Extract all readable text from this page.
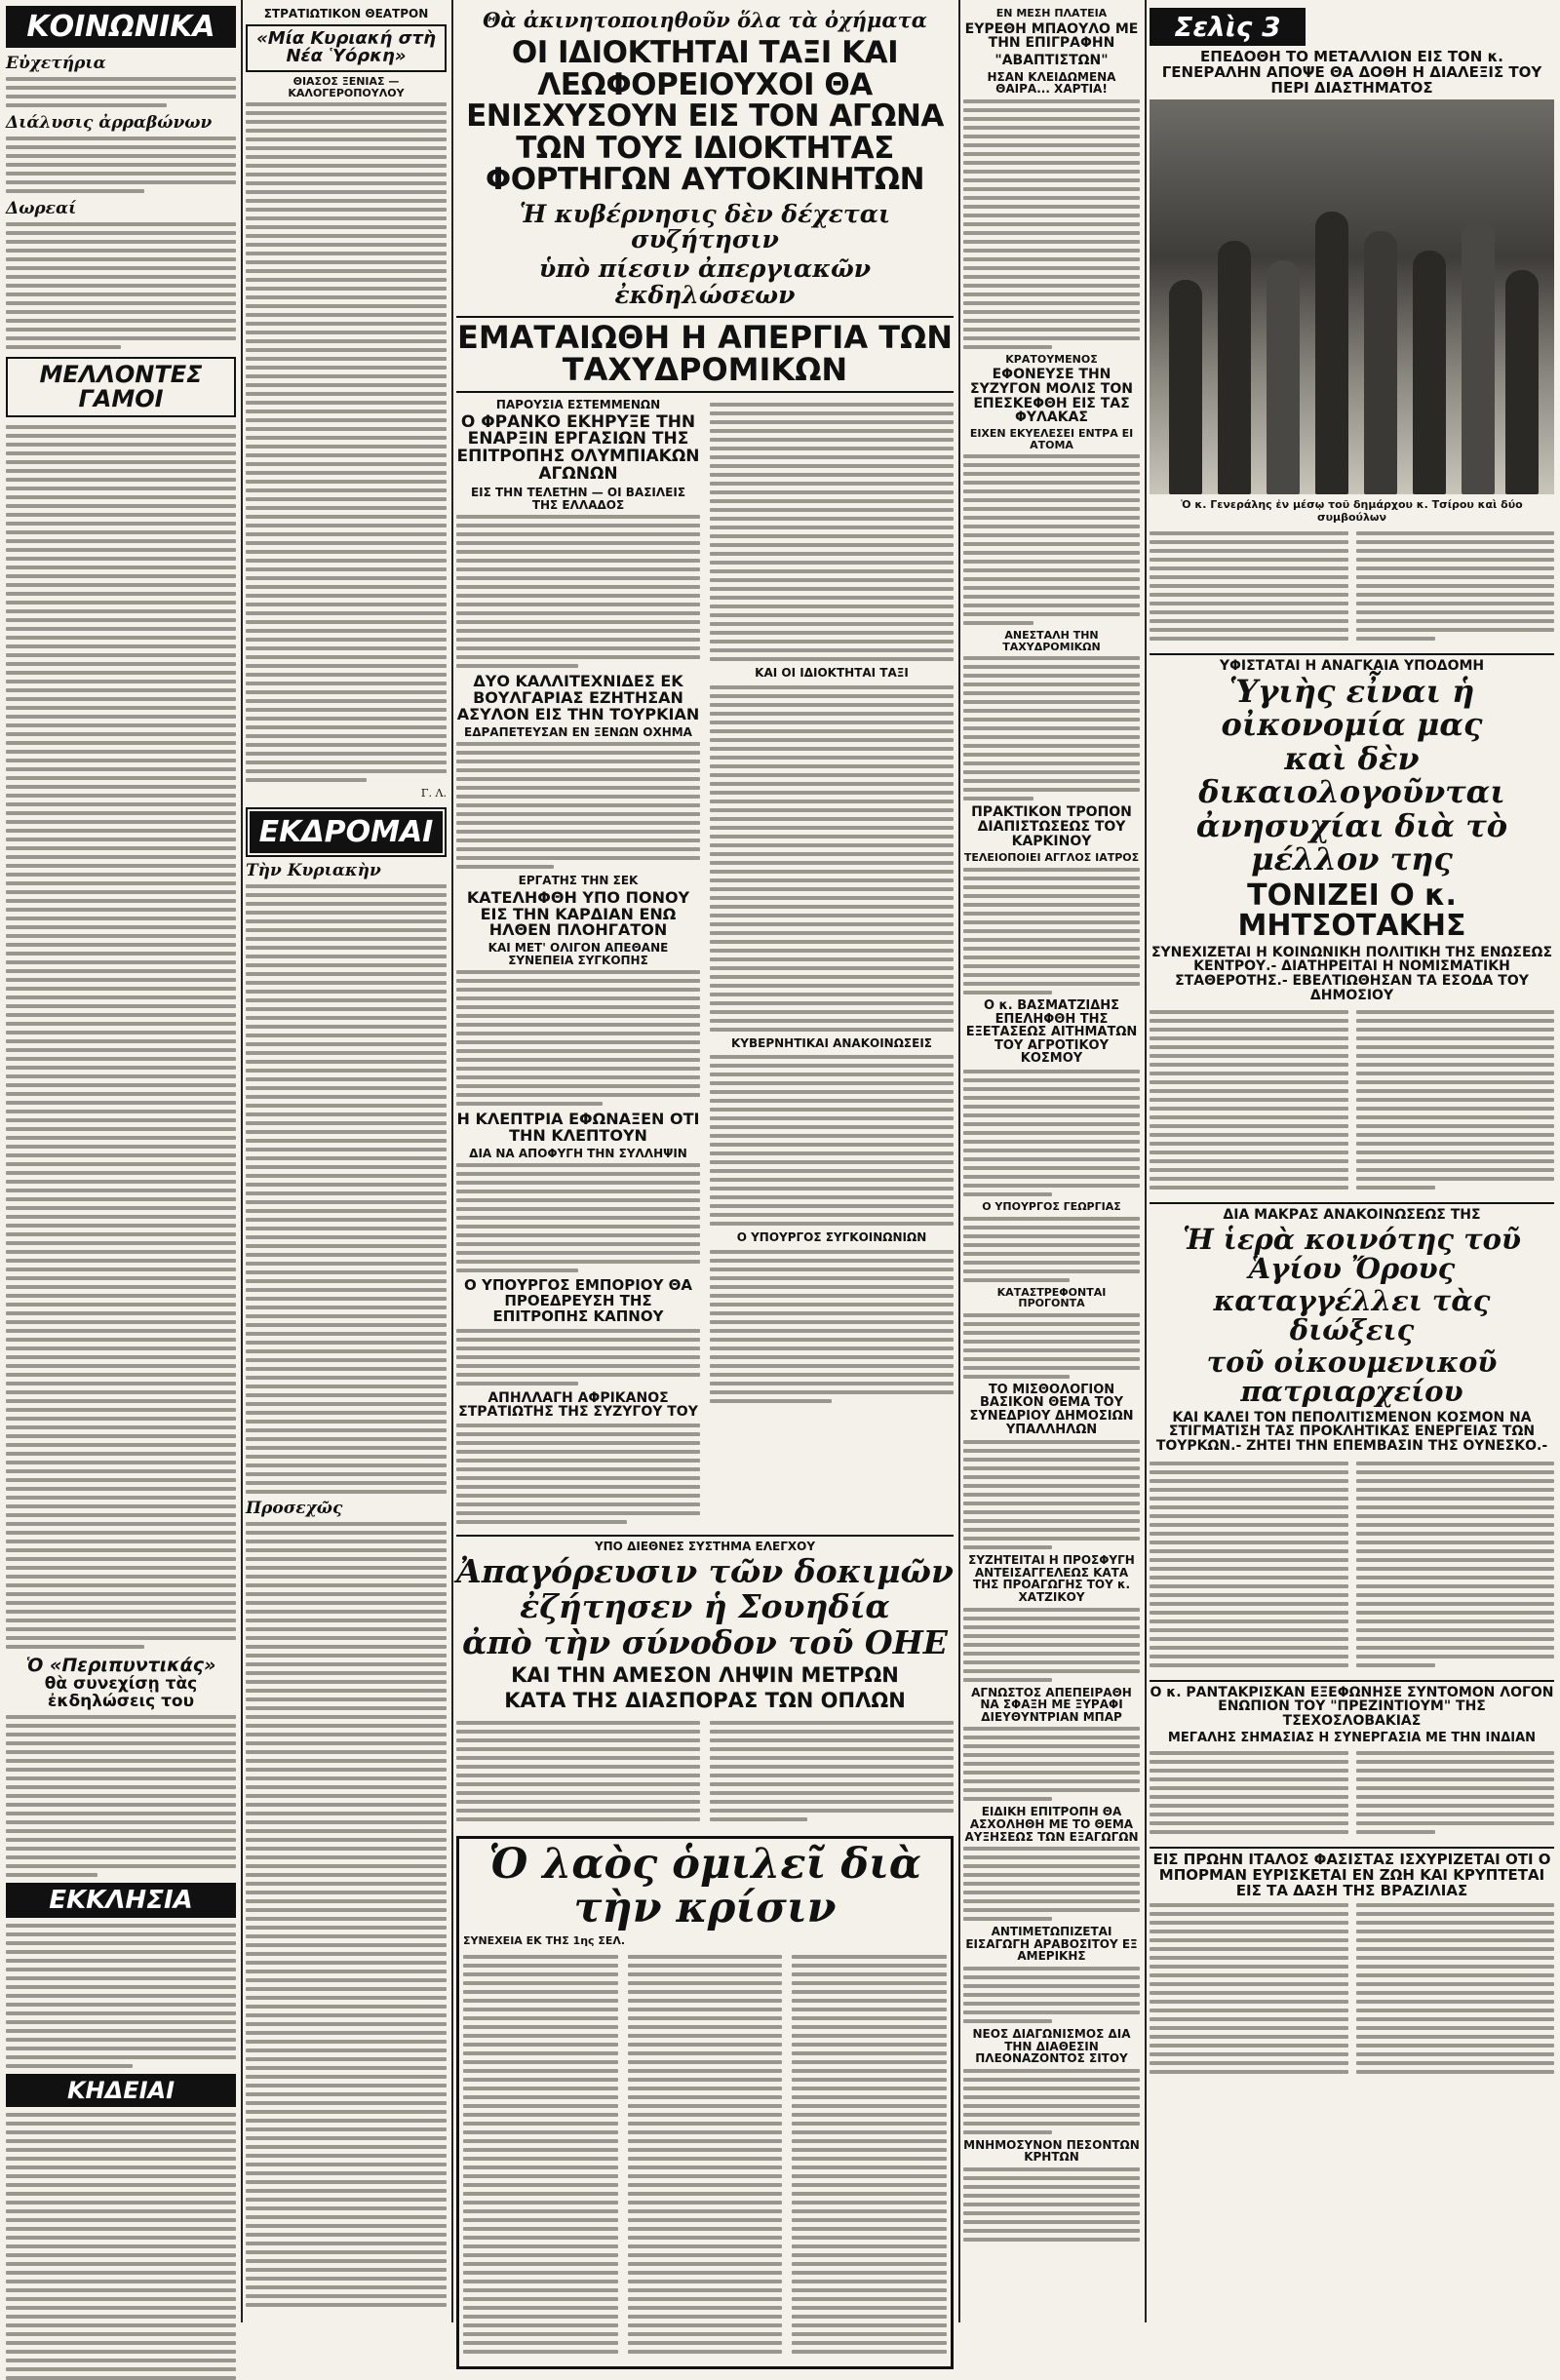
ΚΟΙΝΩΝΙΚΑ
Εὐχετήρια
Διάλυσις ἀρραβώνων
Δωρεαί
ΜΕΛΛΟΝΤΕΣ ΓΑΜΟΙ
Ὁ «Περιπυντικάς»
θὰ συνεχίσῃ τὰς ἐκδηλώσεις του
ΕΚΚΛΗΣΙΑ
ΚΗΔΕΙΑΙ
ΣΤΡΑΤΙΩΤΙΚΟΝ ΘΕΑΤΡΟΝ
«Μία Κυριακή στὴ Νέα Ὑόρκη»
ΘΙΑΣΟΣ ΞΕΝΙΑΣ — ΚΑΛΟΓΕΡΟΠΟΥΛΟΥ
Γ. Λ.
ΕΚΔΡΟΜΑΙ
Τὴν Κυριακὴν
Προσεχῶς
Θὰ ἀκινητοποιηθοῦν ὅλα τὰ ὀχήματα
ΟΙ ΙΔΙΟΚΤΗΤΑΙ ΤΑΞΙ ΚΑΙ ΛΕΩΦΟΡΕΙΟΥΧΟΙ ΘΑ ΕΝΙΣΧΥΣΟΥΝ ΕΙΣ ΤΟΝ ΑΓΩΝΑ ΤΩΝ ΤΟΥΣ ΙΔΙΟΚΤΗΤΑΣ ΦΟΡΤΗΓΩΝ ΑΥΤΟΚΙΝΗΤΩΝ
Ἡ κυβέρνησις δὲν δέχεται συζήτησιν
ὑπὸ πίεσιν ἀπεργιακῶν ἐκδηλώσεων
ΕΜΑΤΑΙΩΘΗ Η ΑΠΕΡΓΙΑ ΤΩΝ ΤΑΧΥΔΡΟΜΙΚΩΝ
ΠΑΡΟΥΣΙΑ ΕΣΤΕΜΜΕΝΩΝ
Ο ΦΡΑΝΚΟ ΕΚΗΡΥΞΕ ΤΗΝ ΕΝΑΡΞΙΝ ΕΡΓΑΣΙΩΝ ΤΗΣ ΕΠΙΤΡΟΠΗΣ ΟΛΥΜΠΙΑΚΩΝ ΑΓΩΝΩΝ
ΕΙΣ ΤΗΝ ΤΕΛΕΤΗΝ — ΟΙ ΒΑΣΙΛΕΙΣ ΤΗΣ ΕΛΛΑΔΟΣ
ΔΥΟ ΚΑΛΛΙΤΕΧΝΙΔΕΣ ΕΚ ΒΟΥΛΓΑΡΙΑΣ ΕΖΗΤΗΣΑΝ ΑΣΥΛΟΝ ΕΙΣ ΤΗΝ ΤΟΥΡΚΙΑΝ
ΕΔΡΑΠΕΤΕΥΣΑΝ ΕΝ ΞΕΝΩΝ ΟΧΗΜΑ
ΕΡΓΑΤΗΣ ΤΗΝ ΣΕΚ
ΚΑΤΕΛΗΦΘΗ ΥΠΟ ΠΟΝΟΥ ΕΙΣ ΤΗΝ ΚΑΡΔΙΑΝ ΕΝΩ ΗΛΘΕΝ ΠΛΟΗΓΑΤΟΝ
ΚΑΙ ΜΕΤ' ΟΛΙΓΟΝ ΑΠΕΘΑΝΕ ΣΥΝΕΠΕΙΑ ΣΥΓΚΟΠΗΣ
Η ΚΛΕΠΤΡΙΑ ΕΦΩΝΑΞΕΝ ΟΤΙ ΤΗΝ ΚΛΕΠΤΟΥΝ
ΔΙΑ ΝΑ ΑΠΟΦΥΓΗ ΤΗΝ ΣΥΛΛΗΨΙΝ
Ο ΥΠΟΥΡΓΟΣ ΕΜΠΟΡΙΟΥ ΘΑ ΠΡΟΕΔΡΕΥΣΗ ΤΗΣ ΕΠΙΤΡΟΠΗΣ ΚΑΠΝΟΥ
ΑΠΗΛΛΑΓΗ ΑΦΡΙΚΑΝΟΣ ΣΤΡΑΤΙΩΤΗΣ ΤΗΣ ΣΥΖΥΓΟΥ ΤΟΥ
ΚΑΙ ΟΙ ΙΔΙΟΚΤΗΤΑΙ ΤΑΞΙ
ΚΥΒΕΡΝΗΤΙΚΑΙ ΑΝΑΚΟΙΝΩΣΕΙΣ
Ο ΥΠΟΥΡΓΟΣ ΣΥΓΚΟΙΝΩΝΙΩΝ
ΥΠΟ ΔΙΕΘΝΕΣ ΣΥΣΤΗΜΑ ΕΛΕΓΧΟΥ
Ἀπαγόρευσιν τῶν δοκιμῶν
ἐζήτησεν ἡ Σουηδία
ἀπὸ τὴν σύνοδον τοῦ ΟΗΕ
ΚΑΙ ΤΗΝ ΑΜΕΣΟΝ ΛΗΨΙΝ ΜΕΤΡΩΝ
ΚΑΤΑ ΤΗΣ ΔΙΑΣΠΟΡΑΣ ΤΩΝ ΟΠΛΩΝ
Ὁ λαὸς ὁμιλεῖ διὰ τὴν κρίσιν
ΣΥΝΕΧΕΙΑ ΕΚ ΤΗΣ 1ης ΣΕΛ.
ΕΝ ΜΕΣΗ ΠΛΑΤΕΙΑ
ΕΥΡΕΘΗ ΜΠΑΟΥΛΟ ΜΕ ΤΗΝ ΕΠΙΓΡΑΦΗΝ
"ΑΒΑΠΤΙΣΤΩΝ"
ΗΣΑΝ ΚΛΕΙΔΩΜΕΝΑ ΘΑΙΡΑ... ΧΑΡΤΙΑ!
ΚΡΑΤΟΥΜΕΝΟΣ
ΕΦΟΝΕΥΣΕ ΤΗΝ ΣΥΖΥΓΟΝ ΜΟΛΙΣ ΤΟΝ ΕΠΕΣΚΕΦΘΗ ΕΙΣ ΤΑΣ ΦΥΛΑΚΑΣ
ΕΙΧΕΝ ΕΚΥΕΛΕΣΕΙ ΕΝΤΡΑ ΕΙ ΑΤΟΜΑ
ΑΝΕΣΤΑΛΗ ΤΗΝ ΤΑΧΥΔΡΟΜΙΚΩΝ
ΠΡΑΚΤΙΚΟΝ ΤΡΟΠΟΝ ΔΙΑΠΙΣΤΩΣΕΩΣ ΤΟΥ ΚΑΡΚΙΝΟΥ
ΤΕΛΕΙΟΠΟΙΕΙ ΑΓΓΛΟΣ ΙΑΤΡΟΣ
Ο κ. ΒΑΣΜΑΤΖΙΔΗΣ ΕΠΕΛΗΦΘΗ ΤΗΣ ΕΞΕΤΑΣΕΩΣ ΑΙΤΗΜΑΤΩΝ ΤΟΥ ΑΓΡΟΤΙΚΟΥ ΚΟΣΜΟΥ
Ο ΥΠΟΥΡΓΟΣ ΓΕΩΡΓΙΑΣ
ΚΑΤΑΣΤΡΕΦΟΝΤΑΙ ΠΡΟΓΟΝΤΑ
ΤΟ ΜΙΣΘΟΛΟΓΙΟΝ ΒΑΣΙΚΟΝ ΘΕΜΑ ΤΟΥ ΣΥΝΕΔΡΙΟΥ ΔΗΜΟΣΙΩΝ ΥΠΑΛΛΗΛΩΝ
ΣΥΖΗΤΕΙΤΑΙ Η ΠΡΟΣΦΥΓΗ ΑΝΤΕΙΣΑΓΓΕΛΕΩΣ ΚΑΤΑ ΤΗΣ ΠΡΟΑΓΩΓΗΣ ΤΟΥ κ. ΧΑΤΖΙΚΟΥ
ΑΓΝΩΣΤΟΣ ΑΠΕΠΕΙΡΑΘΗ ΝΑ ΣΦΑΞΗ ΜΕ ΞΥΡΑΦΙ ΔΙΕΥΘΥΝΤΡΙΑΝ ΜΠΑΡ
ΕΙΔΙΚΗ ΕΠΙΤΡΟΠΗ ΘΑ ΑΣΧΟΛΗΘΗ ΜΕ ΤΟ ΘΕΜΑ ΑΥΞΗΣΕΩΣ ΤΩΝ ΕΞΑΓΩΓΩΝ
ΑΝΤΙΜΕΤΩΠΙΖΕΤΑΙ ΕΙΣΑΓΩΓΗ ΑΡΑΒΟΣΙΤΟΥ ΕΞ ΑΜΕΡΙΚΗΣ
ΝΕΟΣ ΔΙΑΓΩΝΙΣΜΟΣ ΔΙΑ ΤΗΝ ΔΙΑΘΕΣΙΝ ΠΛΕΟΝΑΖΟΝΤΟΣ ΣΙΤΟΥ
ΜΝΗΜΟΣΥΝΟΝ ΠΕΣΟΝΤΩΝ ΚΡΗΤΩΝ
Σελὶς 3
ΕΠΕΔΟΘΗ ΤΟ ΜΕΤΑΛΛΙΟΝ ΕΙΣ ΤΟΝ κ. ΓΕΝΕΡΑΛΗΝ ΑΠΟΨΕ ΘΑ ΔΟΘΗ Η ΔΙΑΛΕΞΙΣ ΤΟΥ ΠΕΡΙ ΔΙΑΣΤΗΜΑΤΟΣ
Ὁ κ. Γενεράλης ἐν μέσῳ τοῦ δημάρχου κ. Τσίρου καὶ δύο συμβούλων
ΥΦΙΣΤΑΤΑΙ Η ΑΝΑΓΚΑΙΑ ΥΠΟΔΟΜΗ
Ὑγιὴς εἶναι ἡ οἰκονομία μας
καὶ δὲν δικαιολογοῦνται
ἀνησυχίαι διὰ τὸ μέλλον της
ΤΟΝΙΖΕΙ Ο κ. ΜΗΤΣΟΤΑΚΗΣ
ΣΥΝΕΧΙΖΕΤΑΙ Η ΚΟΙΝΩΝΙΚΗ ΠΟΛΙΤΙΚΗ ΤΗΣ ΕΝΩΣΕΩΣ ΚΕΝΤΡΟΥ.- ΔΙΑΤΗΡΕΙΤΑΙ Η ΝΟΜΙΣΜΑΤΙΚΗ ΣΤΑΘΕΡΟΤΗΣ.- ΕΒΕΛΤΙΩΘΗΣΑΝ ΤΑ ΕΣΟΔΑ ΤΟΥ ΔΗΜΟΣΙΟΥ
ΔΙΑ ΜΑΚΡΑΣ ΑΝΑΚΟΙΝΩΣΕΩΣ ΤΗΣ
Ἡ ἱερὰ κοινότης τοῦ Ἁγίου Ὄρους
καταγγέλλει τὰς διώξεις
τοῦ οἰκουμενικοῦ πατριαρχείου
ΚΑΙ ΚΑΛΕΙ ΤΟΝ ΠΕΠΟΛΙΤΙΣΜΕΝΟΝ ΚΟΣΜΟΝ ΝΑ ΣΤΙΓΜΑΤΙΣΗ ΤΑΣ ΠΡΟΚΛΗΤΙΚΑΣ ΕΝΕΡΓΕΙΑΣ ΤΩΝ ΤΟΥΡΚΩΝ.- ΖΗΤΕΙ ΤΗΝ ΕΠΕΜΒΑΣΙΝ ΤΗΣ ΟΥΝΕΣΚΟ.-
Ο κ. ΡΑΝΤΑΚΡΙΣΚΑΝ ΕΞΕΦΩΝΗΣΕ ΣΥΝΤΟΜΟΝ ΛΟΓΟΝ ΕΝΩΠΙΟΝ ΤΟΥ "ΠΡΕΖΙΝΤΙΟΥΜ" ΤΗΣ ΤΣΕΧΟΣΛΟΒΑΚΙΑΣ
ΜΕΓΑΛΗΣ ΣΗΜΑΣΙΑΣ Η ΣΥΝΕΡΓΑΣΙΑ ΜΕ ΤΗΝ ΙΝΔΙΑΝ
ΕΙΣ ΠΡΩΗΝ ΙΤΑΛΟΣ ΦΑΣΙΣΤΑΣ ΙΣΧΥΡΙΖΕΤΑΙ ΟΤΙ Ο ΜΠΟΡΜΑΝ ΕΥΡΙΣΚΕΤΑΙ ΕΝ ΖΩΗ ΚΑΙ ΚΡΥΠΤΕΤΑΙ ΕΙΣ ΤΑ ΔΑΣΗ ΤΗΣ ΒΡΑΖΙΛΙΑΣ
